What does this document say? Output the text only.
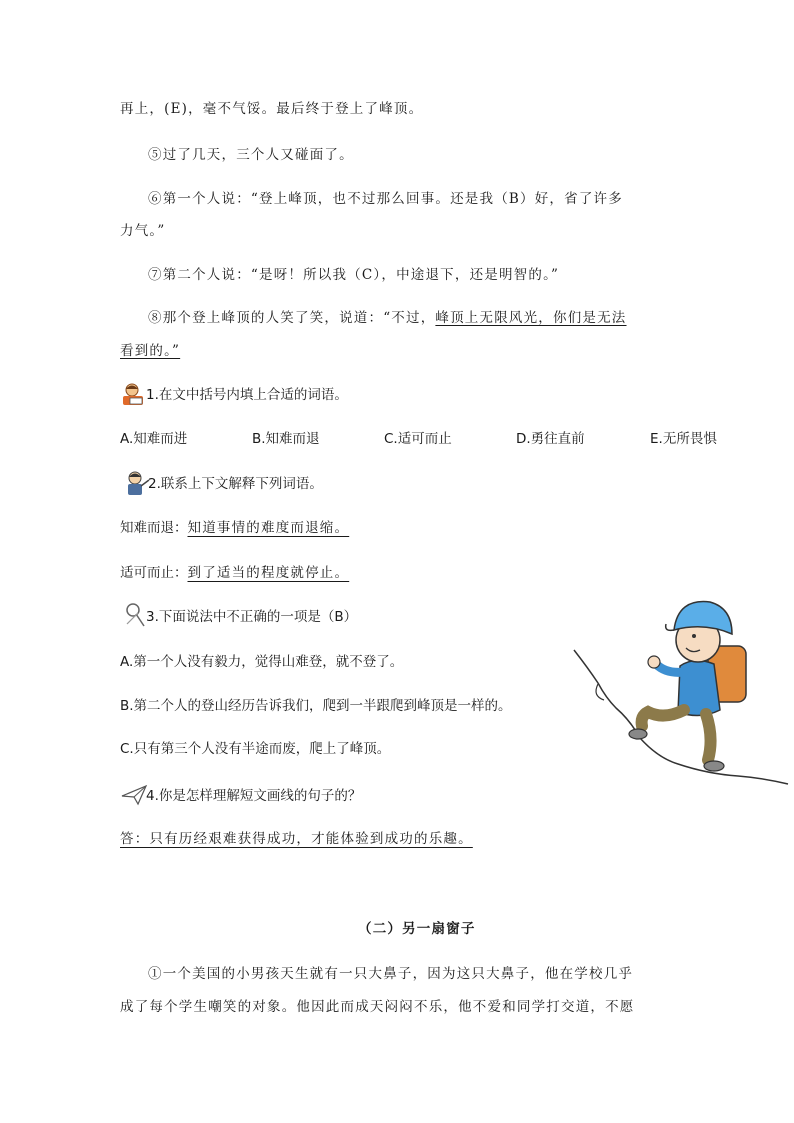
再上，(E)，毫不气馁。最后终于登上了峰顶。
⑤过了几天，三个人又碰面了。
⑥第一个人说：“登上峰顶，也不过那么回事。还是我（B）好，省了许多
力气。”
⑦第二个人说：“是呀！所以我（C），中途退下，还是明智的。”
⑧那个登上峰顶的人笑了笑，说道：“不过，峰顶上无限风光，你们是无法
看到的。”
1.在文中括号内填上合适的词语。
A.知难而进	B.知难而退	C.适可而止	D.勇往直前	E.无所畏惧
2.联系上下文解释下列词语。
知难而退：知道事情的难度而退缩。
适可而止：到了适当的程度就停止。
3.下面说法中不正确的一项是（B）
A.第一个人没有毅力，觉得山难登，就不登了。
B.第二个人的登山经历告诉我们，爬到一半跟爬到峰顶是一样的。
C.只有第三个人没有半途而废，爬上了峰顶。
4.你是怎样理解短文画线的句子的？
答：只有历经艰难获得成功，才能体验到成功的乐趣。
（二）另一扇窗子
①一个美国的小男孩天生就有一只大鼻子，因为这只大鼻子，他在学校几乎
成了每个学生嘲笑的对象。他因此而成天闷闷不乐，他不爱和同学打交道，不愿
